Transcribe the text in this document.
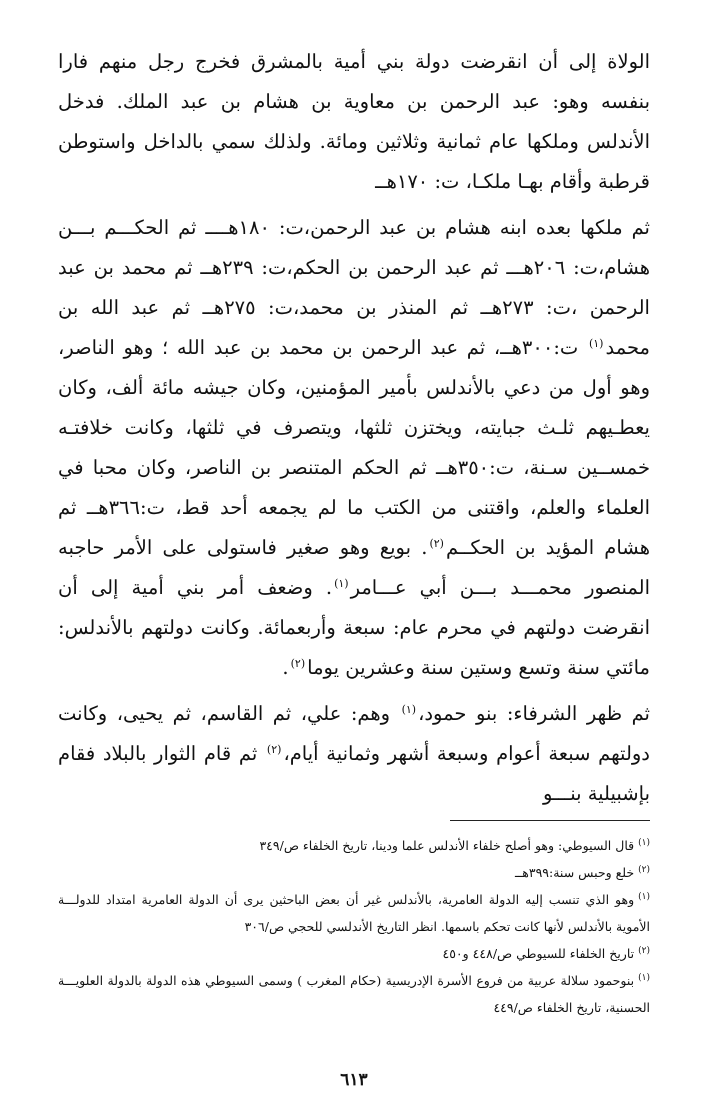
الولاة إلى أن انقرضت دولة بني أمية بالمشرق فخرج رجل منهم فارا بنفسه وهو: عبد الرحمن بن معاوية بن هشام بن عبد الملك. فدخل الأندلس وملكها عام ثمانية وثلاثين ومائة. ولذلك سمي بالداخل واستوطن قرطبة وأقام بهـا ملكـا، ت: ١٧٠هــ

ثم ملكها بعده ابنه هشام بن عبد الرحمن،ت: ١٨٠هــــ ثم الحكـــم بـــن هشام،ت: ٢٠٦هـــ ثم عبد الرحمن بن الحكم،ت: ٢٣٩هــ ثم محمد بن عبد الرحمن ،ت: ٢٧٣هــ ثم المنذر بن محمد،ت: ٢٧٥هــ ثم عبد الله بن محمد$^{(١)}$ ت:٣٠٠هــ، ثم عبد الرحمن بن محمد بن عبد الله ؛ وهو الناصر، وهو أول من دعي بالأندلس بأمير المؤمنين، وكان جيشه مائة ألف، وكان يعطـيهم ثلـث جبايته، ويختزن ثلثها، ويتصرف في ثلثها، وكانت خلافتـه خمســين سـنة، ت:٣٥٠هــ ثم الحكم المتنصر بن الناصر، وكان محبا في العلماء والعلم، واقتنى من الكتب ما لم يجمعه أحد قط، ت:٣٦٦هــ ثم هشام المؤيد بن الحكــم$^{(٢)}$. بويع وهو صغير فاستولى على الأمر حاجبه المنصور محمـــد بـــن أبي عـــامر$^{(١)}$. وضعف أمر بني أمية إلى أن انقرضت دولتهم في محرم عام: سبعة وأربعمائة. وكانت دولتهم بالأندلس: مائتي سنة وتسع وستين سنة وعشرين يوما$^{(٢)}$.

ثم ظهر الشرفاء: بنو حمود،$^{(١)}$ وهم: علي، ثم القاسم، ثم يحيى، وكانت دولتهم سبعة أعوام وسبعة أشهر وثمانية أيام،$^{(٢)}$ ثم قام الثوار بالبلاد فقام بإشبيلية بنـــو

$^{(١)}$قال السيوطي: وهو أصلح خلفاء الأندلس علما ودينا، تاريخ الخلفاء ص/٣٤٩

$^{(٢)}$خلع وحبس سنة:٣٩٩هــ

$^{(١)}$وهو الذي تنسب إليه الدولة العامرية، بالأندلس غير أن بعض الباحثين يرى أن الدولة العامرية امتداد للدولـــة الأموية بالأندلس لأنها كانت تحكم باسمها. انظر التاريخ الأندلسي للحجي ص/٣٠٦

$^{(٢)}$تاريخ الخلفاء للسيوطي ص/٤٤٨ و٤٥٠

$^{(١)}$بنوحمود سلالة عربية من فروع الأسرة الإدريسية (حكام المغرب ) وسمى السيوطي هذه الدولة بالدولة العلويـــة الحسنية، تاريخ الخلفاء ص/٤٤٩

٦١٣
